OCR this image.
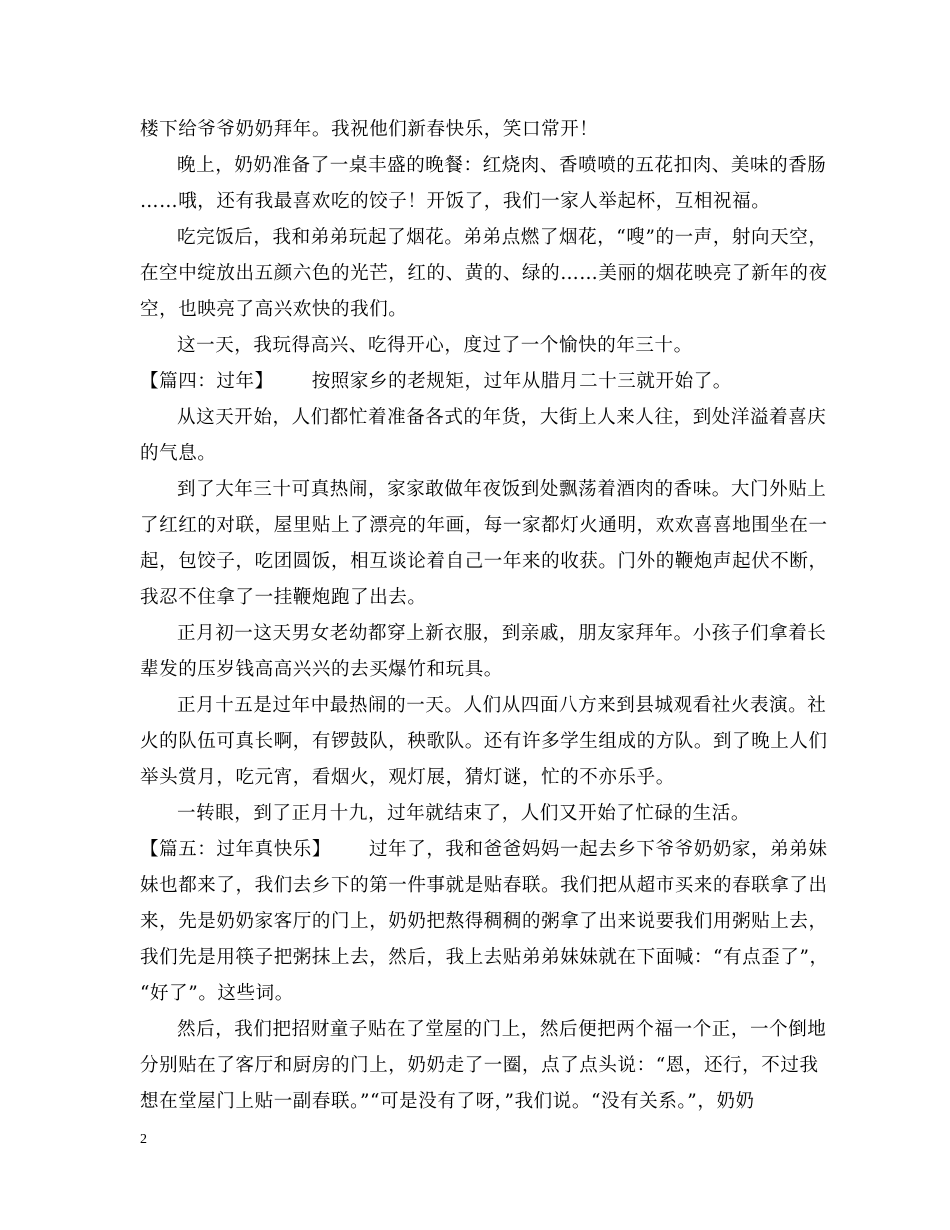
楼下给爷爷奶奶拜年。我祝他们新春快乐，笑口常开！
晚上，奶奶准备了一桌丰盛的晚餐：红烧肉、香喷喷的五花扣肉、美味的香肠
……哦，还有我最喜欢吃的饺子！开饭了，我们一家人举起杯，互相祝福。
吃完饭后，我和弟弟玩起了烟花。弟弟点燃了烟花，“嗖”的一声，射向天空，
在空中绽放出五颜六色的光芒，红的、黄的、绿的……美丽的烟花映亮了新年的夜
空，也映亮了高兴欢快的我们。
这一天，我玩得高兴、吃得开心，度过了一个愉快的年三十。
【篇四：过年】 按照家乡的老规矩，过年从腊月二十三就开始了。
从这天开始，人们都忙着准备各式的年货，大街上人来人往，到处洋溢着喜庆
的气息。
到了大年三十可真热闹，家家敢做年夜饭到处飘荡着酒肉的香味。大门外贴上
了红红的对联，屋里贴上了漂亮的年画，每一家都灯火通明，欢欢喜喜地围坐在一
起，包饺子，吃团圆饭，相互谈论着自己一年来的收获。门外的鞭炮声起伏不断，
我忍不住拿了一挂鞭炮跑了出去。
正月初一这天男女老幼都穿上新衣服，到亲戚，朋友家拜年。小孩子们拿着长
辈发的压岁钱高高兴兴的去买爆竹和玩具。
正月十五是过年中最热闹的一天。人们从四面八方来到县城观看社火表演。社
火的队伍可真长啊，有锣鼓队，秧歌队。还有许多学生组成的方队。到了晚上人们
举头赏月，吃元宵，看烟火，观灯展，猜灯谜，忙的不亦乐乎。
一转眼，到了正月十九，过年就结束了，人们又开始了忙碌的生活。
【篇五：过年真快乐】 过年了，我和爸爸妈妈一起去乡下爷爷奶奶家，弟弟妹
妹也都来了，我们去乡下的第一件事就是贴春联。我们把从超市买来的春联拿了出
来，先是奶奶家客厅的门上，奶奶把熬得稠稠的粥拿了出来说要我们用粥贴上去，
我们先是用筷子把粥抹上去，然后，我上去贴弟弟妹妹就在下面喊：“有点歪了”，
“好了”。这些词。
然后，我们把招财童子贴在了堂屋的门上，然后便把两个福一个正，一个倒地
分别贴在了客厅和厨房的门上，奶奶走了一圈，点了点头说：“恩，还行，不过我
想在堂屋门上贴一副春联。”“可是没有了呀，”我们说。“没有关系。”，奶奶
2
